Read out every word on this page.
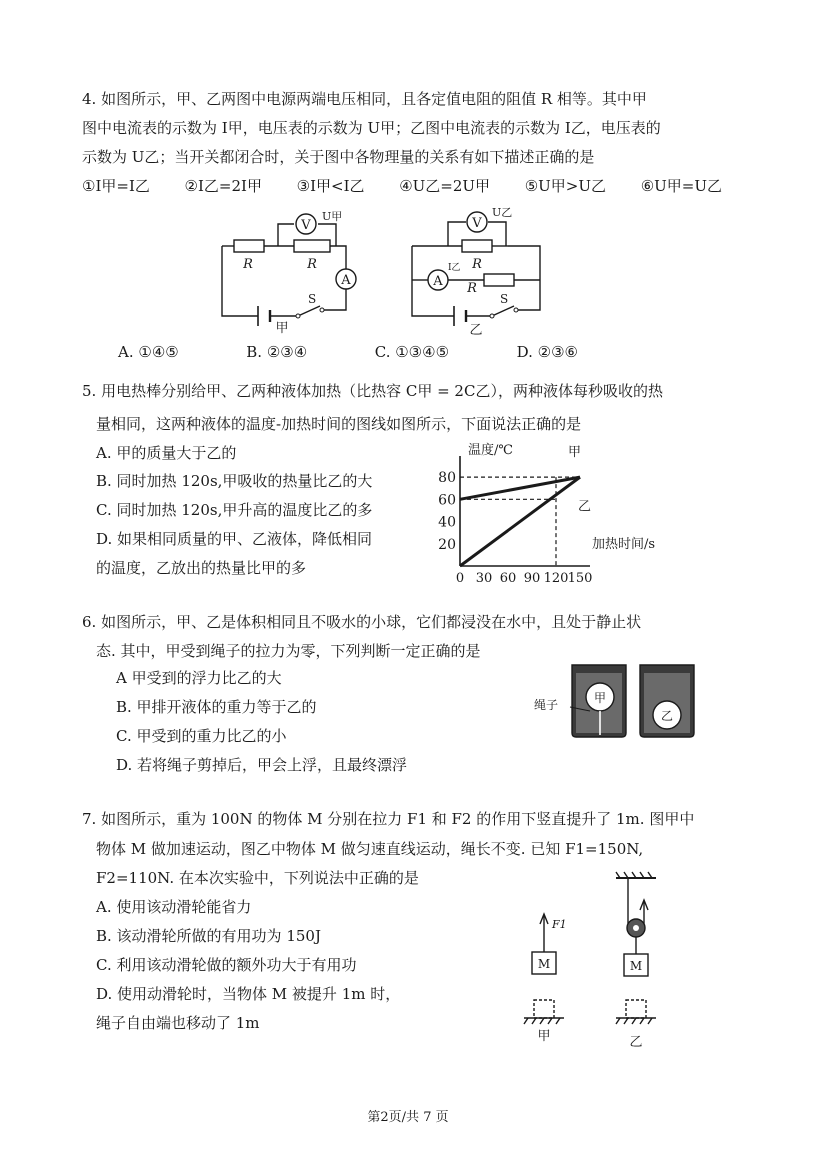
4. 如图所示，甲、乙两图中电源两端电压相同，且各定值电阻的阻值 R 相等。其中甲
图中电流表的示数为 I甲，电压表的示数为 U甲；乙图中电流表的示数为 I乙，电压表的
示数为 U乙；当开关都闭合时，关于图中各物理量的关系有如下描述正确的是
①I甲=I乙 ②I乙=2I甲 ③I甲<I乙 ④U乙=2U甲 ⑤U甲>U乙 ⑥U甲=U乙
V
A
R	R
U甲
S
甲
V
A
R
R
U乙
I乙
S
乙
A. ①④⑤	B. ②③④	C. ①③④⑤	D. ②③⑥
5. 用电热棒分别给甲、乙两种液体加热（比热容 C甲 = 2C乙），两种液体每秒吸收的热
量相同，这两种液体的温度-加热时间的图线如图所示，下面说法正确的是
A. 甲的质量大于乙的
B. 同时加热 120s,甲吸收的热量比乙的大
C. 同时加热 120s,甲升高的温度比乙的多
D. 如果相同质量的甲、乙液体，降低相同
的温度，乙放出的热量比甲的多
20
40
60
80
0 30 60 90 120 150
温度/℃
加热时间/s
甲
乙
6. 如图所示，甲、乙是体积相同且不吸水的小球，它们都浸没在水中，且处于静止状
态. 其中，甲受到绳子的拉力为零，下列判断一定正确的是
A 甲受到的浮力比乙的大
B. 甲排开液体的重力等于乙的
C. 甲受到的重力比乙的小
D. 若将绳子剪掉后，甲会上浮，且最终漂浮
甲
绳子
乙
7. 如图所示，重为 100N 的物体 M 分别在拉力 F1 和 F2 的作用下竖直提升了 1m. 图甲中
物体 M 做加速运动，图乙中物体 M 做匀速直线运动，绳长不变. 已知 F1=150N,
F2=110N. 在本次实验中，下列说法中正确的是
A. 使用该动滑轮能省力
B. 该动滑轮所做的有用功为 150J
C. 利用该动滑轮做的额外功大于有用功
D. 使用动滑轮时，当物体 M 被提升 1m 时，
绳子自由端也移动了 1m
F1
M	M
甲	乙
第2页/共 7 页
